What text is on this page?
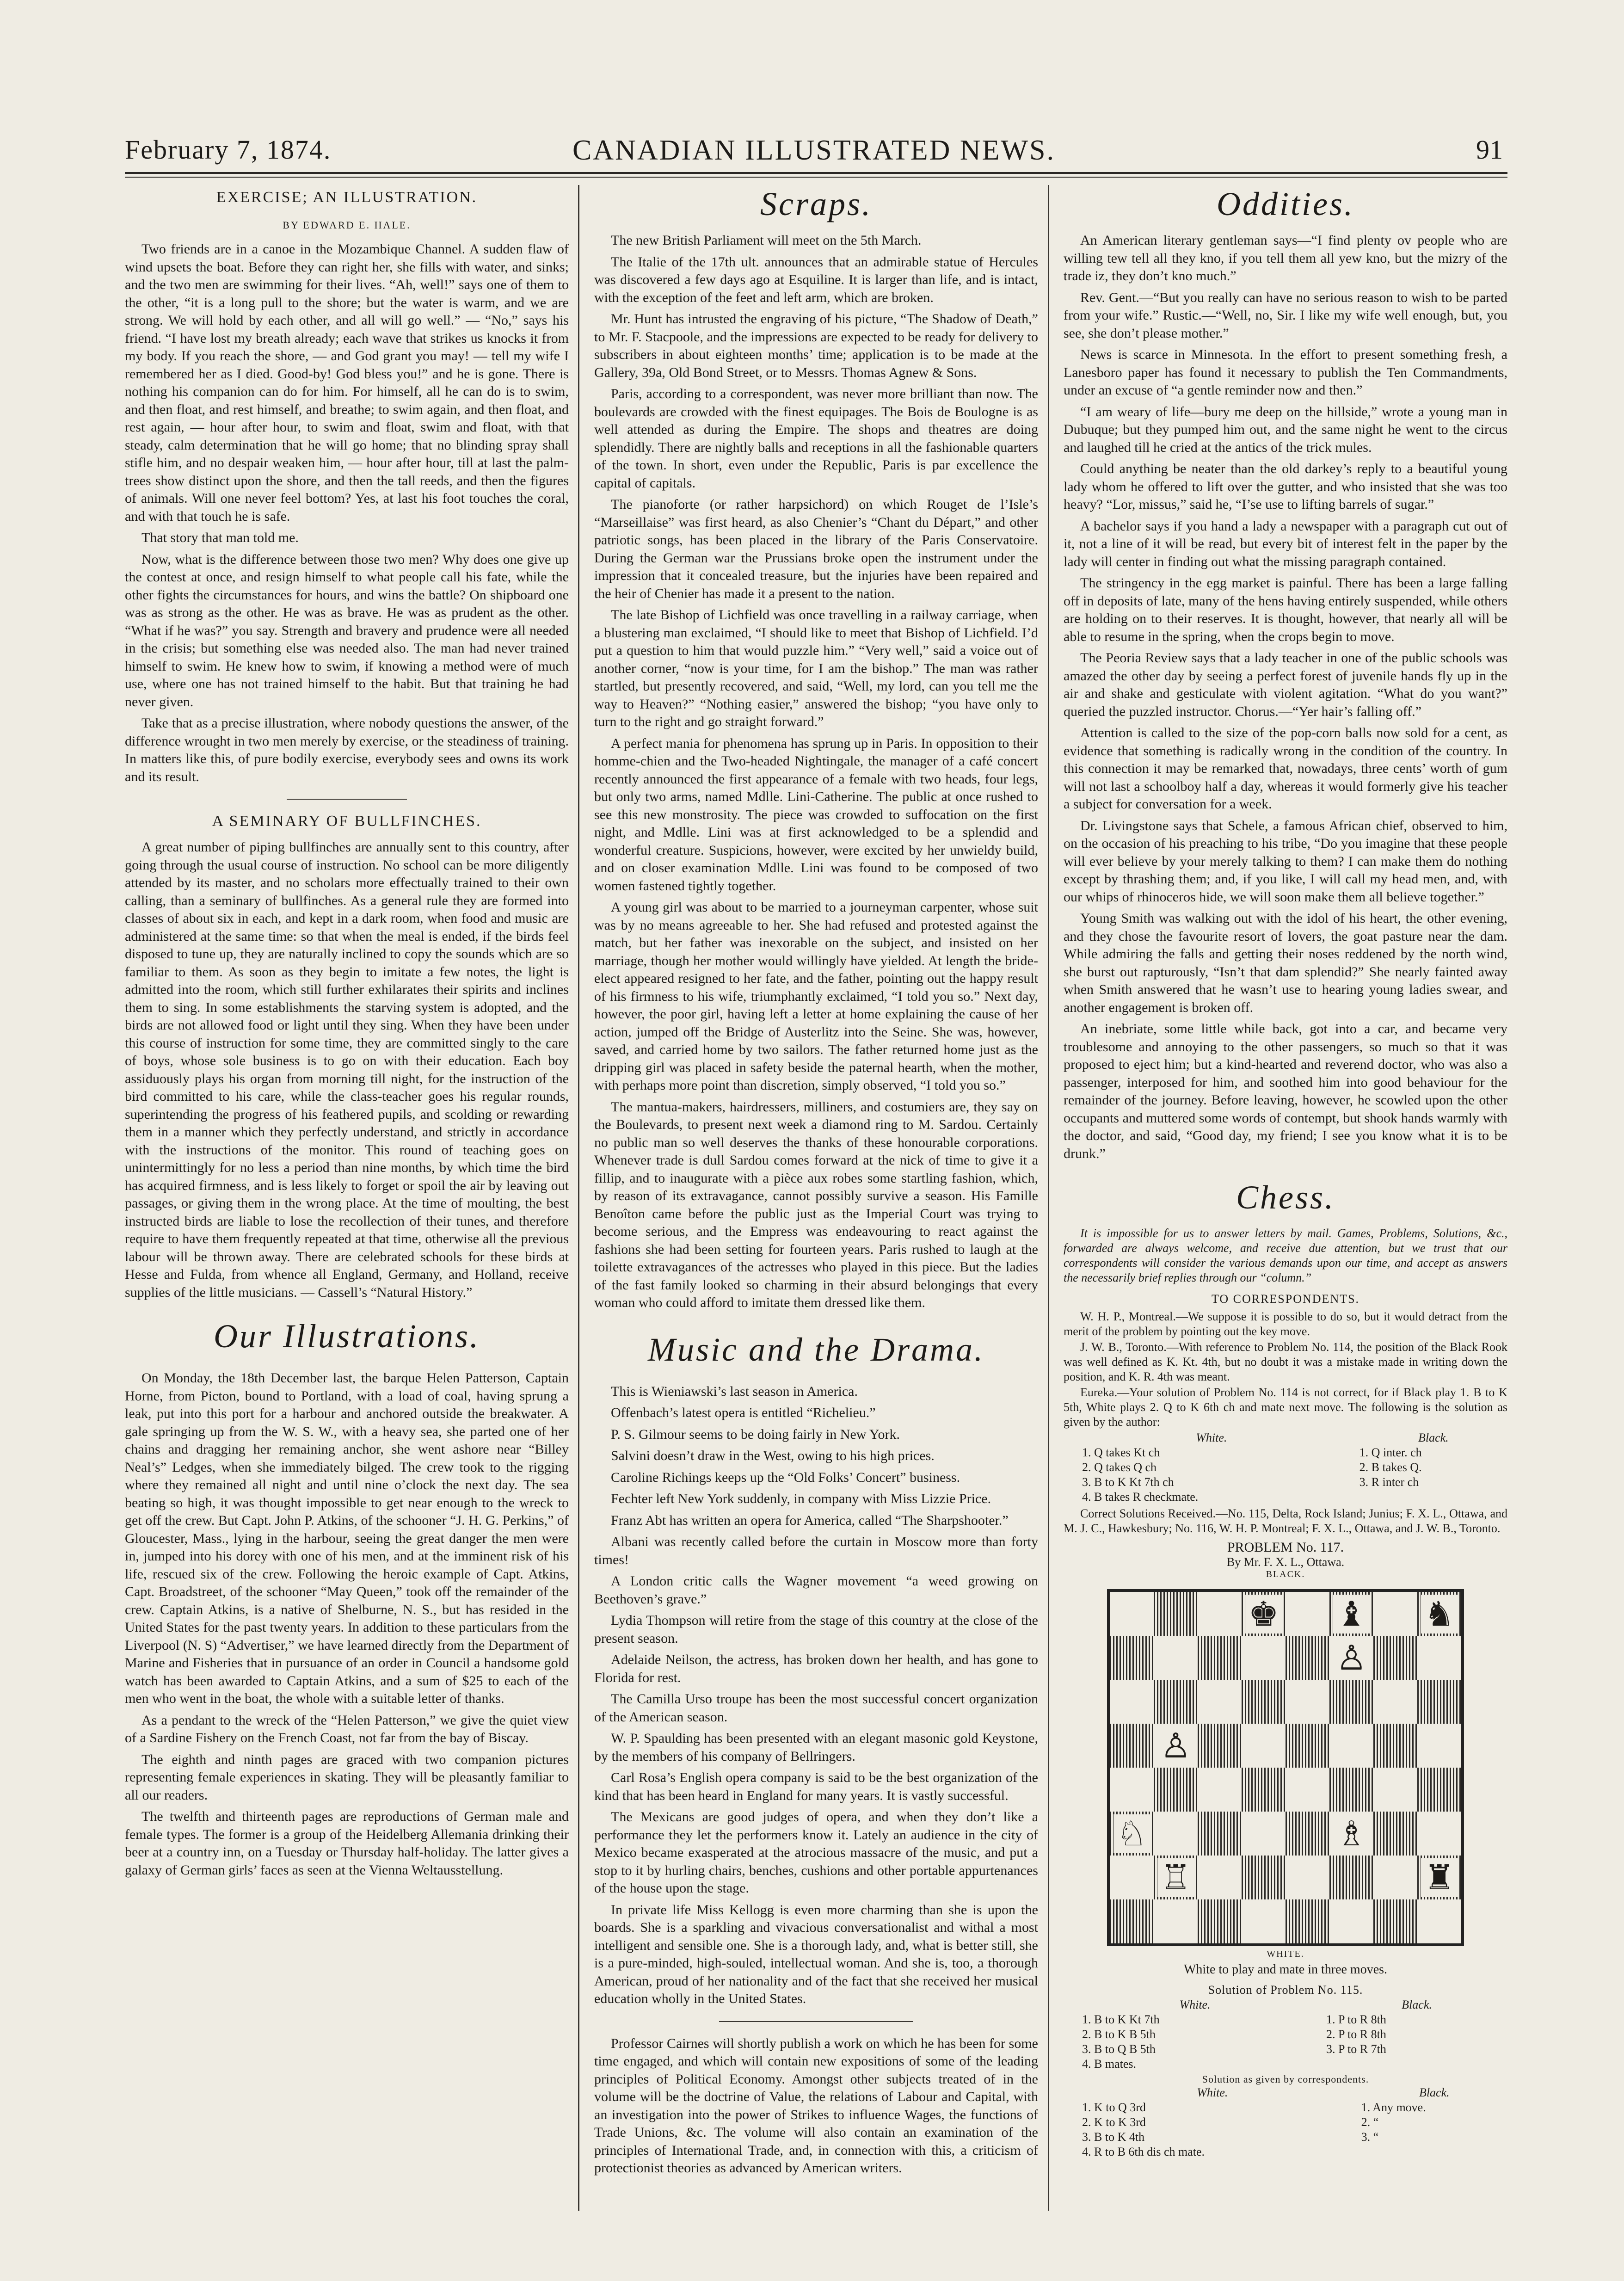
February 7, 1874.	CANADIAN ILLUSTRATED NEWS.	91
EXERCISE; AN ILLUSTRATION.
BY EDWARD E. HALE.

Two friends are in a canoe in the Mozambique Channel. A sudden flaw of wind upsets the boat. Before they can right her, she fills with water, and sinks; and the two men are swimming for their lives. “Ah, well!” says one of them to the other, “it is a long pull to the shore; but the water is warm, and we are strong. We will hold by each other, and all will go well.” — “No,” says his friend. “I have lost my breath already; each wave that strikes us knocks it from my body. If you reach the shore, — and God grant you may! — tell my wife I remembered her as I died. Good-by! God bless you!” and he is gone. There is nothing his companion can do for him. For himself, all he can do is to swim, and then float, and rest himself, and breathe; to swim again, and then float, and rest again, — hour after hour, to swim and float, swim and float, with that steady, calm determination that he will go home; that no blinding spray shall stifle him, and no despair weaken him, — hour after hour, till at last the palm-trees show distinct upon the shore, and then the tall reeds, and then the figures of animals. Will one never feel bottom? Yes, at last his foot touches the coral, and with that touch he is safe.

That story that man told me.

Now, what is the difference between those two men? Why does one give up the contest at once, and resign himself to what people call his fate, while the other fights the circumstances for hours, and wins the battle? On shipboard one was as strong as the other. He was as brave. He was as prudent as the other. “What if he was?” you say. Strength and bravery and prudence were all needed in the crisis; but something else was needed also. The man had never trained himself to swim. He knew how to swim, if knowing a method were of much use, where one has not trained himself to the habit. But that training he had never given.

Take that as a precise illustration, where nobody questions the answer, of the difference wrought in two men merely by exercise, or the steadiness of training. In matters like this, of pure bodily exercise, everybody sees and owns its work and its result.

A SEMINARY OF BULLFINCHES.

A great number of piping bullfinches are annually sent to this country, after going through the usual course of instruction. No school can be more diligently attended by its master, and no scholars more effectually trained to their own calling, than a seminary of bullfinches. As a general rule they are formed into classes of about six in each, and kept in a dark room, when food and music are administered at the same time: so that when the meal is ended, if the birds feel disposed to tune up, they are naturally inclined to copy the sounds which are so familiar to them. As soon as they begin to imitate a few notes, the light is admitted into the room, which still further exhilarates their spirits and inclines them to sing. In some establishments the starving system is adopted, and the birds are not allowed food or light until they sing. When they have been under this course of instruction for some time, they are committed singly to the care of boys, whose sole business is to go on with their education. Each boy assiduously plays his organ from morning till night, for the instruction of the bird committed to his care, while the class-teacher goes his regular rounds, superintending the progress of his feathered pupils, and scolding or rewarding them in a manner which they perfectly understand, and strictly in accordance with the instructions of the monitor. This round of teaching goes on unintermittingly for no less a period than nine months, by which time the bird has acquired firmness, and is less likely to forget or spoil the air by leaving out passages, or giving them in the wrong place. At the time of moulting, the best instructed birds are liable to lose the recollection of their tunes, and therefore require to have them frequently repeated at that time, otherwise all the previous labour will be thrown away. There are celebrated schools for these birds at Hesse and Fulda, from whence all England, Germany, and Holland, receive supplies of the little musicians. — Cassell’s “Natural History.”

Our Illustrations.

On Monday, the 18th December last, the barque Helen Patterson, Captain Horne, from Picton, bound to Portland, with a load of coal, having sprung a leak, put into this port for a harbour and anchored outside the breakwater. A gale springing up from the W. S. W., with a heavy sea, she parted one of her chains and dragging her remaining anchor, she went ashore near “Billey Neal’s” Ledges, when she immediately bilged. The crew took to the rigging where they remained all night and until nine o’clock the next day. The sea beating so high, it was thought impossible to get near enough to the wreck to get off the crew. But Capt. John P. Atkins, of the schooner “J. H. G. Perkins,” of Gloucester, Mass., lying in the harbour, seeing the great danger the men were in, jumped into his dorey with one of his men, and at the imminent risk of his life, rescued six of the crew. Following the heroic example of Capt. Atkins, Capt. Broadstreet, of the schooner “May Queen,” took off the remainder of the crew. Captain Atkins, is a native of Shelburne, N. S., but has resided in the United States for the past twenty years. In addition to these particulars from the Liverpool (N. S) “Advertiser,” we have learned directly from the Department of Marine and Fisheries that in pursuance of an order in Council a handsome gold watch has been awarded to Captain Atkins, and a sum of $25 to each of the men who went in the boat, the whole with a suitable letter of thanks.

As a pendant to the wreck of the “Helen Patterson,” we give the quiet view of a Sardine Fishery on the French Coast, not far from the bay of Biscay.

The eighth and ninth pages are graced with two companion pictures representing female experiences in skating. They will be pleasantly familiar to all our readers.

The twelfth and thirteenth pages are reproductions of German male and female types. The former is a group of the Heidelberg Allemania drinking their beer at a country inn, on a Tuesday or Thursday half-holiday. The latter gives a galaxy of German girls’ faces as seen at the Vienna Weltausstellung.

Scraps.

The new British Parliament will meet on the 5th March.

The Italie of the 17th ult. announces that an admirable statue of Hercules was discovered a few days ago at Esquiline. It is larger than life, and is intact, with the exception of the feet and left arm, which are broken.

Mr. Hunt has intrusted the engraving of his picture, “The Shadow of Death,” to Mr. F. Stacpoole, and the impressions are expected to be ready for delivery to subscribers in about eighteen months’ time; application is to be made at the Gallery, 39a, Old Bond Street, or to Messrs. Thomas Agnew & Sons.

Paris, according to a correspondent, was never more brilliant than now. The boulevards are crowded with the finest equipages. The Bois de Boulogne is as well attended as during the Empire. The shops and theatres are doing splendidly. There are nightly balls and receptions in all the fashionable quarters of the town. In short, even under the Republic, Paris is par excellence the capital of capitals.

The pianoforte (or rather harpsichord) on which Rouget de l’Isle’s “Marseillaise” was first heard, as also Chenier’s “Chant du Départ,” and other patriotic songs, has been placed in the library of the Paris Conservatoire. During the German war the Prussians broke open the instrument under the impression that it concealed treasure, but the injuries have been repaired and the heir of Chenier has made it a present to the nation.

The late Bishop of Lichfield was once travelling in a railway carriage, when a blustering man exclaimed, “I should like to meet that Bishop of Lichfield. I’d put a question to him that would puzzle him.” “Very well,” said a voice out of another corner, “now is your time, for I am the bishop.” The man was rather startled, but presently recovered, and said, “Well, my lord, can you tell me the way to Heaven?” “Nothing easier,” answered the bishop; “you have only to turn to the right and go straight forward.”

A perfect mania for phenomena has sprung up in Paris. In opposition to their homme-chien and the Two-headed Nightingale, the manager of a café concert recently announced the first appearance of a female with two heads, four legs, but only two arms, named Mdlle. Lini-Catherine. The public at once rushed to see this new monstrosity. The piece was crowded to suffocation on the first night, and Mdlle. Lini was at first acknowledged to be a splendid and wonderful creature. Suspicions, however, were excited by her unwieldy build, and on closer examination Mdlle. Lini was found to be composed of two women fastened tightly together.

A young girl was about to be married to a journeyman carpenter, whose suit was by no means agreeable to her. She had refused and protested against the match, but her father was inexorable on the subject, and insisted on her marriage, though her mother would willingly have yielded. At length the bride-elect appeared resigned to her fate, and the father, pointing out the happy result of his firmness to his wife, triumphantly exclaimed, “I told you so.” Next day, however, the poor girl, having left a letter at home explaining the cause of her action, jumped off the Bridge of Austerlitz into the Seine. She was, however, saved, and carried home by two sailors. The father returned home just as the dripping girl was placed in safety beside the paternal hearth, when the mother, with perhaps more point than discretion, simply observed, “I told you so.”

The mantua-makers, hairdressers, milliners, and costumiers are, they say on the Boulevards, to present next week a diamond ring to M. Sardou. Certainly no public man so well deserves the thanks of these honourable corporations. Whenever trade is dull Sardou comes forward at the nick of time to give it a fillip, and to inaugurate with a pièce aux robes some startling fashion, which, by reason of its extravagance, cannot possibly survive a season. His Famille Benoîton came before the public just as the Imperial Court was trying to become serious, and the Empress was endeavouring to react against the fashions she had been setting for fourteen years. Paris rushed to laugh at the toilette extravagances of the actresses who played in this piece. But the ladies of the fast family looked so charming in their absurd belongings that every woman who could afford to imitate them dressed like them.

Music and the Drama.

This is Wieniawski’s last season in America.

Offenbach’s latest opera is entitled “Richelieu.”

P. S. Gilmour seems to be doing fairly in New York.

Salvini doesn’t draw in the West, owing to his high prices.

Caroline Richings keeps up the “Old Folks’ Concert” business.

Fechter left New York suddenly, in company with Miss Lizzie Price.

Franz Abt has written an opera for America, called “The Sharpshooter.”

Albani was recently called before the curtain in Moscow more than forty times!

A London critic calls the Wagner movement “a weed growing on Beethoven’s grave.”

Lydia Thompson will retire from the stage of this country at the close of the present season.

Adelaide Neilson, the actress, has broken down her health, and has gone to Florida for rest.

The Camilla Urso troupe has been the most successful concert organization of the American season.

W. P. Spaulding has been presented with an elegant masonic gold Keystone, by the members of his company of Bellringers.

Carl Rosa’s English opera company is said to be the best organization of the kind that has been heard in England for many years. It is vastly successful.

The Mexicans are good judges of opera, and when they don’t like a performance they let the performers know it. Lately an audience in the city of Mexico became exasperated at the atrocious massacre of the music, and put a stop to it by hurling chairs, benches, cushions and other portable appurtenances of the house upon the stage.

In private life Miss Kellogg is even more charming than she is upon the boards. She is a sparkling and vivacious conversationalist and withal a most intelligent and sensible one. She is a thorough lady, and, what is better still, she is a pure-minded, high-souled, intellectual woman. And she is, too, a thorough American, proud of her nationality and of the fact that she received her musical education wholly in the United States.

Professor Cairnes will shortly publish a work on which he has been for some time engaged, and which will contain new expositions of some of the leading principles of Political Economy. Amongst other subjects treated of in the volume will be the doctrine of Value, the relations of Labour and Capital, with an investigation into the power of Strikes to influence Wages, the functions of Trade Unions, &c. The volume will also contain an examination of the principles of International Trade, and, in connection with this, a criticism of protectionist theories as advanced by American writers.

Oddities.

An American literary gentleman says—“I find plenty ov people who are willing tew tell all they kno, if you tell them all yew kno, but the mizry of the trade iz, they don’t kno much.”

Rev. Gent.—“But you really can have no serious reason to wish to be parted from your wife.” Rustic.—“Well, no, Sir. I like my wife well enough, but, you see, she don’t please mother.”

News is scarce in Minnesota. In the effort to present something fresh, a Lanesboro paper has found it necessary to publish the Ten Commandments, under an excuse of “a gentle reminder now and then.”

“I am weary of life—bury me deep on the hillside,” wrote a young man in Dubuque; but they pumped him out, and the same night he went to the circus and laughed till he cried at the antics of the trick mules.

Could anything be neater than the old darkey’s reply to a beautiful young lady whom he offered to lift over the gutter, and who insisted that she was too heavy? “Lor, missus,” said he, “I’se use to lifting barrels of sugar.”

A bachelor says if you hand a lady a newspaper with a paragraph cut out of it, not a line of it will be read, but every bit of interest felt in the paper by the lady will center in finding out what the missing paragraph contained.

The stringency in the egg market is painful. There has been a large falling off in deposits of late, many of the hens having entirely suspended, while others are holding on to their reserves. It is thought, however, that nearly all will be able to resume in the spring, when the crops begin to move.

The Peoria Review says that a lady teacher in one of the public schools was amazed the other day by seeing a perfect forest of juvenile hands fly up in the air and shake and gesticulate with violent agitation. “What do you want?” queried the puzzled instructor. Chorus.—“Yer hair’s falling off.”

Attention is called to the size of the pop-corn balls now sold for a cent, as evidence that something is radically wrong in the condition of the country. In this connection it may be remarked that, nowadays, three cents’ worth of gum will not last a schoolboy half a day, whereas it would formerly give his teacher a subject for conversation for a week.

Dr. Livingstone says that Schele, a famous African chief, observed to him, on the occasion of his preaching to his tribe, “Do you imagine that these people will ever believe by your merely talking to them? I can make them do nothing except by thrashing them; and, if you like, I will call my head men, and, with our whips of rhinoceros hide, we will soon make them all believe together.”

Young Smith was walking out with the idol of his heart, the other evening, and they chose the favourite resort of lovers, the goat pasture near the dam. While admiring the falls and getting their noses reddened by the north wind, she burst out rapturously, “Isn’t that dam splendid?” She nearly fainted away when Smith answered that he wasn’t use to hearing young ladies swear, and another engagement is broken off.

An inebriate, some little while back, got into a car, and became very troublesome and annoying to the other passengers, so much so that it was proposed to eject him; but a kind-hearted and reverend doctor, who was also a passenger, interposed for him, and soothed him into good behaviour for the remainder of the journey. Before leaving, however, he scowled upon the other occupants and muttered some words of contempt, but shook hands warmly with the doctor, and said, “Good day, my friend; I see you know what it is to be drunk.”

Chess.

It is impossible for us to answer letters by mail. Games, Problems, Solutions, &c., forwarded are always welcome, and receive due attention, but we trust that our correspondents will consider the various demands upon our time, and accept as answers the necessarily brief replies through our “column.”

TO CORRESPONDENTS.

W. H. P., Montreal.—We suppose it is possible to do so, but it would detract from the merit of the problem by pointing out the key move.

J. W. B., Toronto.—With reference to Problem No. 114, the position of the Black Rook was well defined as K. Kt. 4th, but no doubt it was a mistake made in writing down the position, and K. R. 4th was meant.

Eureka.—Your solution of Problem No. 114 is not correct, for if Black play 1. B to K 5th, White plays 2. Q to K 6th ch and mate next move. The following is the solution as given by the author:

White.	Black.
1. Q takes Kt ch	1. Q inter. ch
2. Q takes Q ch	2. B takes Q.
3. B to K Kt 7th ch	3. R inter ch
4. B takes R checkmate.	

Correct Solutions Received.—No. 115, Delta, Rock Island; Junius; F. X. L., Ottawa, and M. J. C., Hawkesbury; No. 116, W. H. P. Montreal; F. X. L., Ottawa, and J. W. B., Toronto.

PROBLEM No. 117.
By Mr. F. X. L., Ottawa.
BLACK.
♚ ♝ ♞
♙
♙
♘	♗
♖	♜
WHITE.
White to play and mate in three moves.
Solution of Problem No. 115.
White.	Black.
1. B to K Kt 7th	1. P to R 8th
2. B to K B 5th	2. P to R 8th
3. B to Q B 5th	3. P to R 7th
4. B mates.	
Solution as given by correspondents.
White.	Black.
1. K to Q 3rd	1. Any move.
2. K to K 3rd	2. “
3. B to K 4th	3. “
4. R to B 6th dis ch mate.	
